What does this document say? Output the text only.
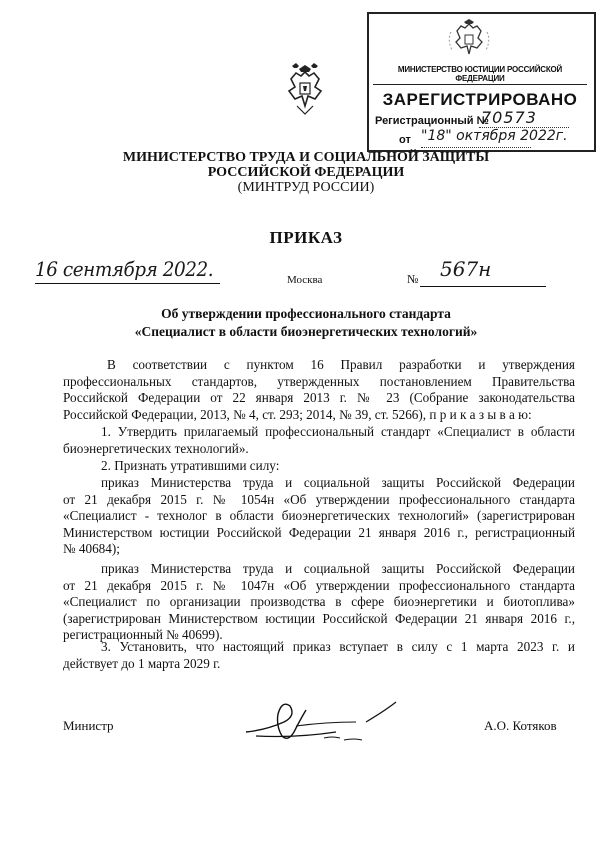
МИНИСТЕРСТВО ЮСТИЦИИ РОССИЙСКОЙ ФЕДЕРАЦИИ
ЗАРЕГИСТРИРОВАНО
Регистрационный №
70573
от "18" октября 2022г.
МИНИСТЕРСТВО ТРУДА И СОЦИАЛЬНОЙ ЗАЩИТЫ
РОССИЙСКОЙ ФЕДЕРАЦИИ
(МИНТРУД РОССИИ)
ПРИКАЗ
16 сентября 2022.	Москва	№ 567н
Об утверждении профессионального стандарта
«Специалист в области биоэнергетических технологий»
В соответствии с пунктом 16 Правил разработки и утверждения
профессиональных стандартов, утвержденных постановлением Правительства
Российской Федерации от 22 января 2013 г. № 23 (Собрание законодательства
Российской Федерации, 2013, № 4, ст. 293; 2014, № 39, ст. 5266), п р и к а з ы в а ю:
1. Утвердить прилагаемый профессиональный стандарт «Специалист в области
биоэнергетических технологий».
2. Признать утратившими силу:
приказ Министерства труда и социальной защиты Российской Федерации
от 21 декабря 2015 г. № 1054н «Об утверждении профессионального стандарта
«Специалист - технолог в области биоэнергетических технологий» (зарегистрирован
Министерством юстиции Российской Федерации 21 января 2016 г., регистрационный
№ 40684);
приказ Министерства труда и социальной защиты Российской Федерации
от 21 декабря 2015 г. № 1047н «Об утверждении профессионального стандарта
«Специалист по организации производства в сфере биоэнергетики и биотоплива»
(зарегистрирован Министерством юстиции Российской Федерации 21 января 2016 г.,
регистрационный № 40699).
3. Установить, что настоящий приказ вступает в силу с 1 марта 2023 г. и
действует до 1 марта 2029 г.
Министр	А.О. Котяков
